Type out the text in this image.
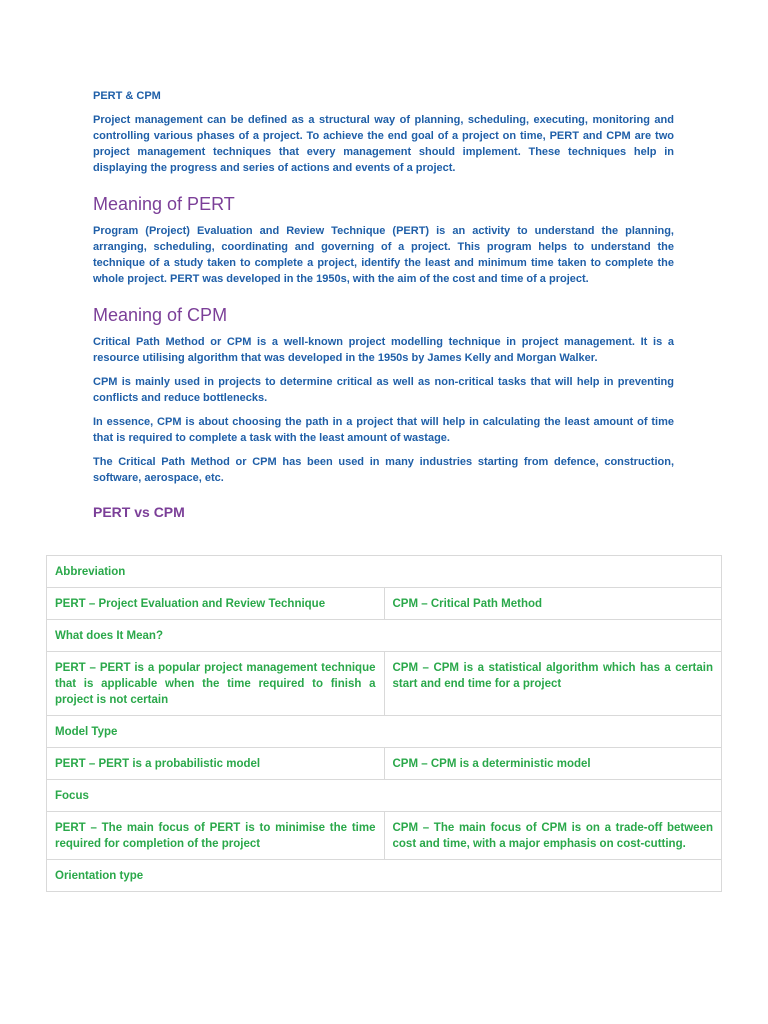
PERT & CPM

Project management can be defined as a structural way of planning, scheduling, executing, monitoring and controlling various phases of a project. To achieve the end goal of a project on time, PERT and CPM are two project management techniques that every management should implement. These techniques help in displaying the progress and series of actions and events of a project.

Meaning of PERT

Program (Project) Evaluation and Review Technique (PERT) is an activity to understand the planning, arranging, scheduling, coordinating and governing of a project. This program helps to understand the technique of a study taken to complete a project, identify the least and minimum time taken to complete the whole project. PERT was developed in the 1950s, with the aim of the cost and time of a project.

Meaning of CPM

Critical Path Method or CPM is a well-known project modelling technique in project management. It is a resource utilising algorithm that was developed in the 1950s by James Kelly and Morgan Walker.

CPM is mainly used in projects to determine critical as well as non-critical tasks that will help in preventing conflicts and reduce bottlenecks.

In essence, CPM is about choosing the path in a project that will help in calculating the least amount of time that is required to complete a task with the least amount of wastage.

The Critical Path Method or CPM has been used in many industries starting from defence, construction, software, aerospace, etc.

PERT vs CPM
Abbreviation	
PERT – Project Evaluation and Review Technique	CPM – Critical Path Method
What does It Mean?	
PERT – PERT is a popular project management technique that is applicable when the time required to finish a project is not certain	CPM – CPM is a statistical algorithm which has a certain start and end time for a project
Model Type	
PERT – PERT is a probabilistic model	CPM – CPM is a deterministic model
Focus	
PERT – The main focus of PERT is to minimise the time required for completion of the project	CPM – The main focus of CPM is on a trade-off between cost and time, with a major emphasis on cost-cutting.
Orientation type	
